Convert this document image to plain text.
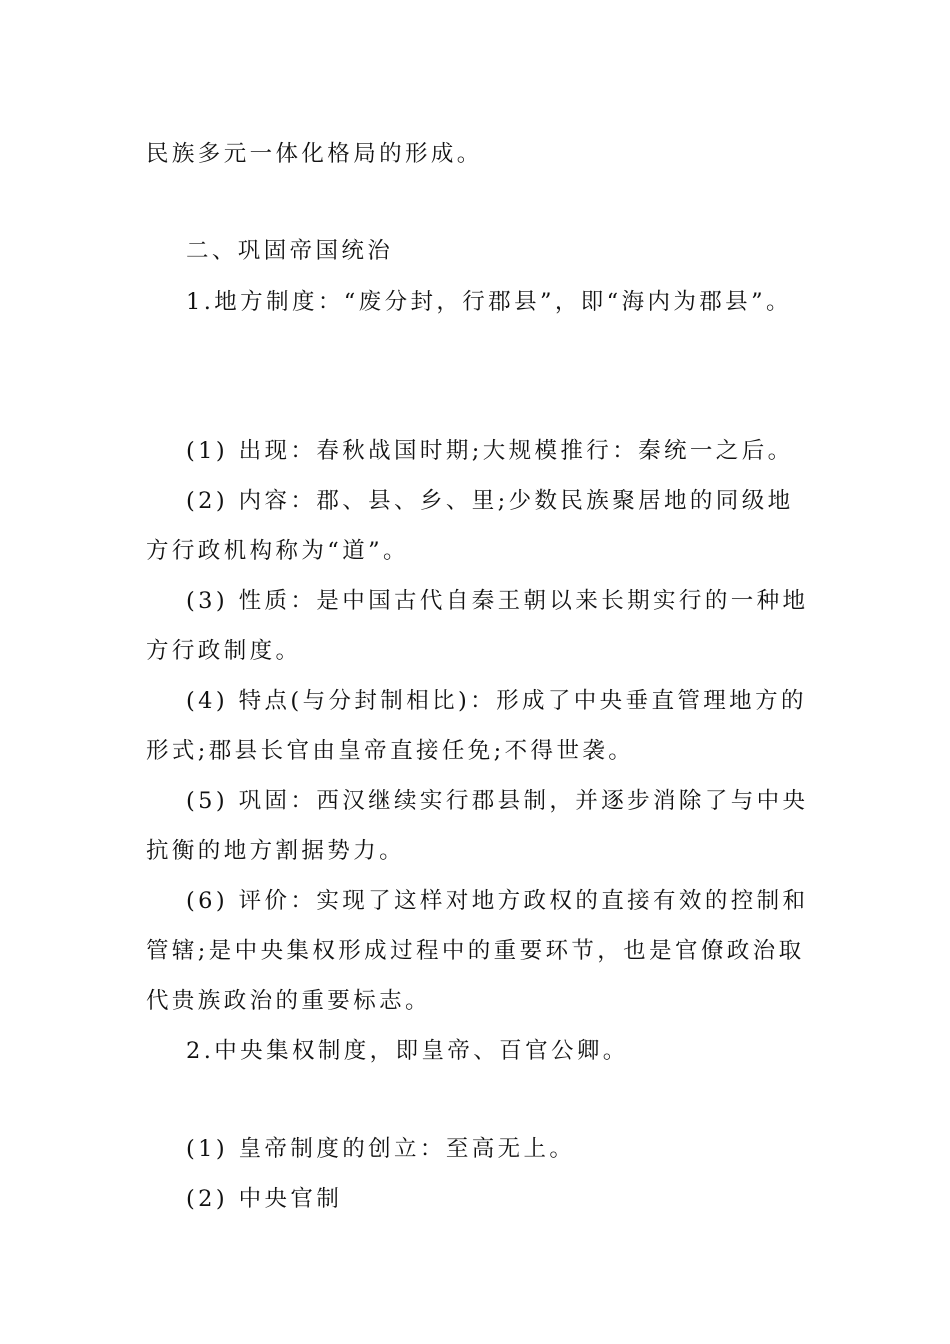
民族多元一体化格局的形成。
二、巩固帝国统治
1.地方制度：“废分封，行郡县”，即“海内为郡县”。
(1) 出现：春秋战国时期;大规模推行：秦统一之后。
(2) 内容：郡、县、乡、里;少数民族聚居地的同级地
方行政机构称为“道”。
(3) 性质：是中国古代自秦王朝以来长期实行的一种地
方行政制度。
(4) 特点(与分封制相比)：形成了中央垂直管理地方的
形式;郡县长官由皇帝直接任免;不得世袭。
(5) 巩固：西汉继续实行郡县制，并逐步消除了与中央
抗衡的地方割据势力。
(6) 评价：实现了这样对地方政权的直接有效的控制和
管辖;是中央集权形成过程中的重要环节，也是官僚政治取
代贵族政治的重要标志。
2.中央集权制度，即皇帝、百官公卿。
(1) 皇帝制度的创立：至高无上。
(2) 中央官制
